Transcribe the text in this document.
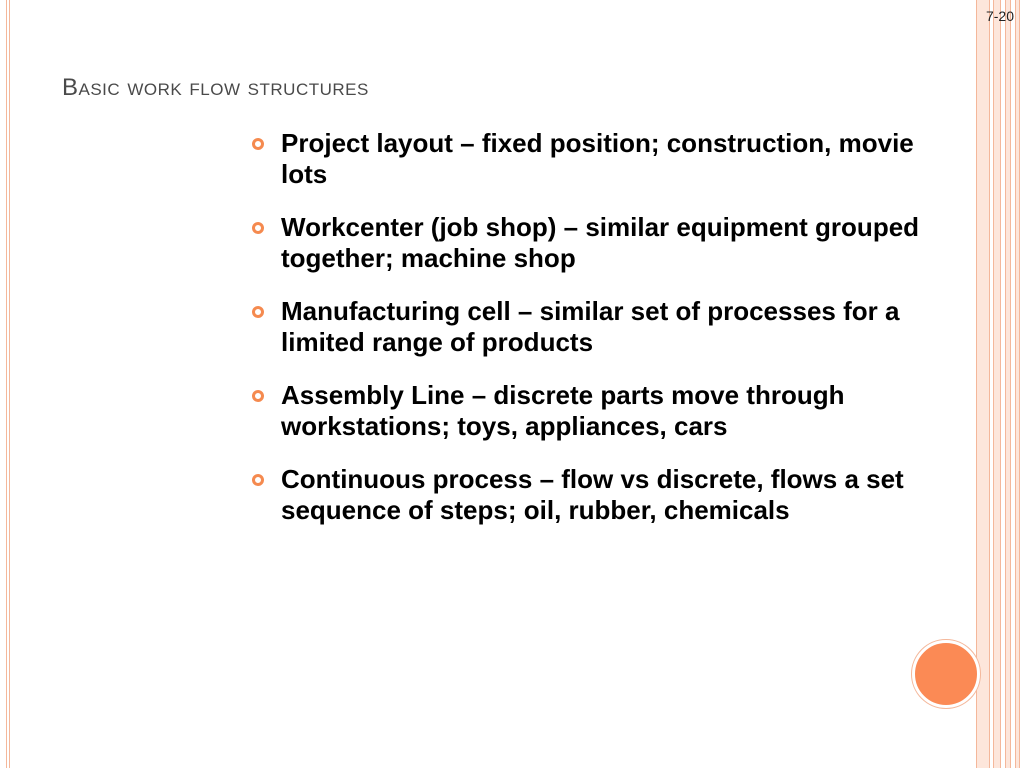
7-20
Basic work flow structures
Project layout – fixed position; construction, movie lots
Workcenter (job shop) – similar equipment grouped together; machine shop
Manufacturing cell – similar set of processes for a limited range of products
Assembly Line – discrete parts move through workstations; toys, appliances, cars
Continuous process – flow vs discrete, flows a set sequence of steps; oil, rubber, chemicals
